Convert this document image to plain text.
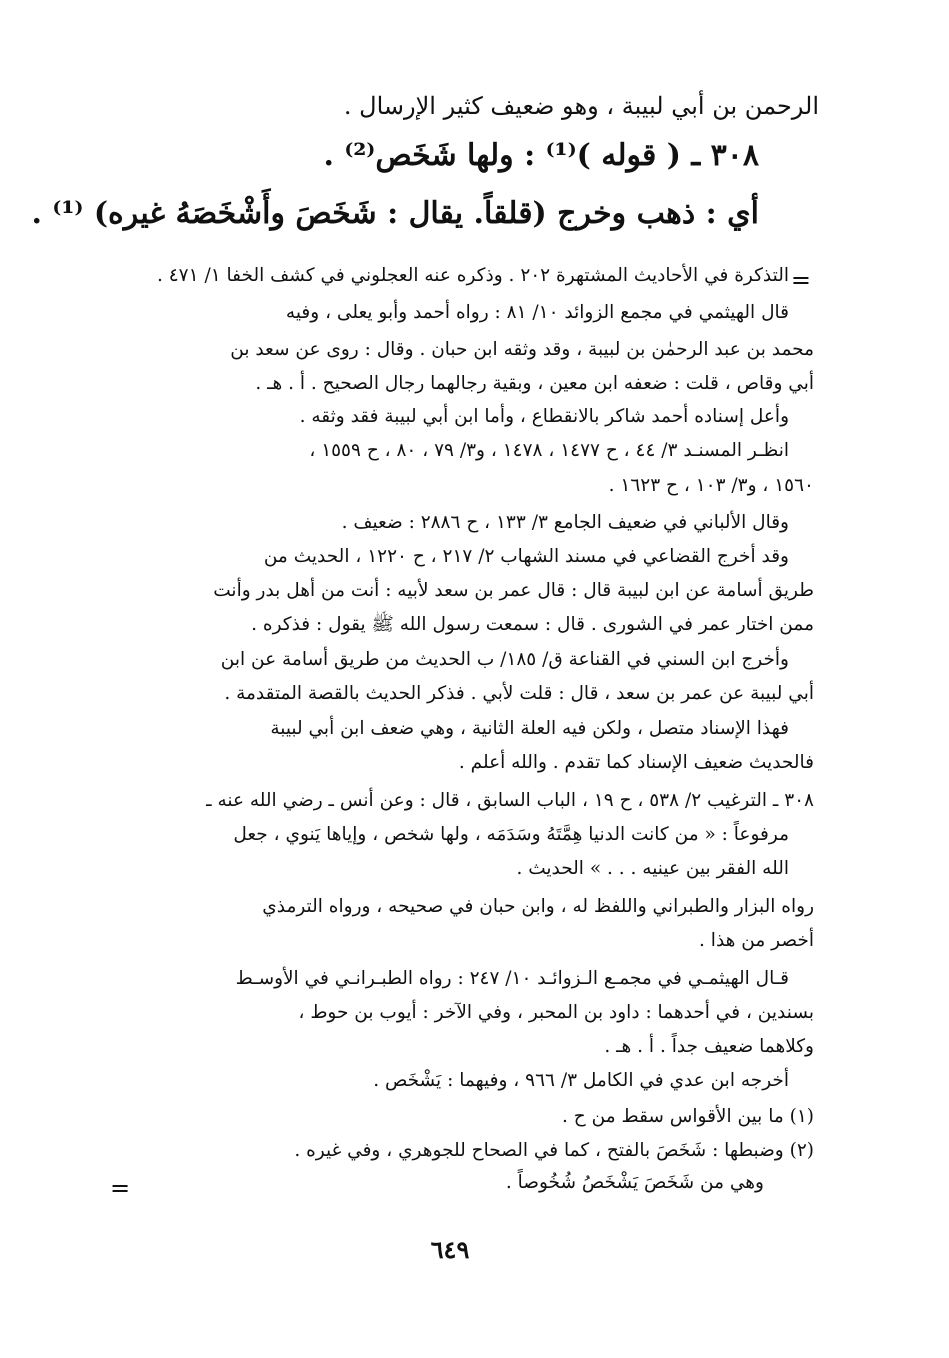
الرحمن بن أبي لبيبة ، وهو ضعيف كثير الإرسال .
٣٠٨ ـ ( قوله )⁽¹⁾ : ولها شَخَص⁽²⁾ .
أي : ذهب وخرج (قلقاً. يقال : شَخَصَ وأَشْخَصَهُ غيره) ⁽¹⁾ .
=
التذكرة في الأحاديث المشتهرة ٢٠٢ . وذكره عنه العجلوني في كشف الخفا ١/ ٤٧١ .
قال الهيثمي في مجمع الزوائد ١٠/ ٨١ : رواه أحمد وأبو يعلى ، وفيه
محمد بن عبد الرحمٰن بن لبيبة ، وقد وثقه ابن حبان . وقال : روى عن سعد بن
أبي وقاص ، قلت : ضعفه ابن معين ، وبقية رجالهما رجال الصحيح . أ . هـ .
وأعل إسناده أحمد شاكر بالانقطاع ، وأما ابن أبي لبيبة فقد وثقه .
انظـر المسنـد ٣/ ٤٤ ، ح ١٤٧٧ ، ١٤٧٨ ، و٣/ ٧٩ ، ٨٠ ، ح ١٥٥٩ ،
١٥٦٠ ، و٣/ ١٠٣ ، ح ١٦٢٣ .
وقال الألباني في ضعيف الجامع ٣/ ١٣٣ ، ح ٢٨٨٦ : ضعيف .
وقد أخرج القضاعي في مسند الشهاب ٢/ ٢١٧ ، ح ١٢٢٠ ، الحديث من
طريق أسامة عن ابن لبيبة قال : قال عمر بن سعد لأبيه : أنت من أهل بدر وأنت
ممن اختار عمر في الشورى . قال : سمعت رسول الله ﷺ يقول : فذكره .
وأخرج ابن السني في القناعة ق/ ١٨٥/ ب الحديث من طريق أسامة عن ابن
أبي لبيبة عن عمر بن سعد ، قال : قلت لأبي . فذكر الحديث بالقصة المتقدمة .
فهذا الإسناد متصل ، ولكن فيه العلة الثانية ، وهي ضعف ابن أبي لبيبة
فالحديث ضعيف الإسناد كما تقدم . والله أعلم .
٣٠٨ ـ الترغيب ٢/ ٥٣٨ ، ح ١٩ ، الباب السابق ، قال : وعن أنس ـ رضي الله عنه ـ
مرفوعاً : « من كانت الدنيا هِمَّتَهُ وسَدَمَه ، ولها شخص ، وإياها يَنوي ، جعل
الله الفقر بين عينيه . . . » الحديث .
رواه البزار والطبراني واللفظ له ، وابن حبان في صحيحه ، ورواه الترمذي
أخصر من هذا .
قـال الهيثمـي في مجمـع الـزوائـد ١٠/ ٢٤٧ : رواه الطبـرانـي في الأوسـط
بسندين ، في أحدهما : داود بن المحبر ، وفي الآخر : أيوب بن حوط ،
وكلاهما ضعيف جداً . أ . هـ .
أخرجه ابن عدي في الكامل ٣/ ٩٦٦ ، وفيهما : يَشْخَص .
(١) ما بين الأقواس سقط من ح .
(٢) وضبطها : شَخَصَ بالفتح ، كما في الصحاح للجوهري ، وفي غيره .
وهي من شَخَصَ يَشْخَصُ شُخُوصاً .
=
٦٤٩
